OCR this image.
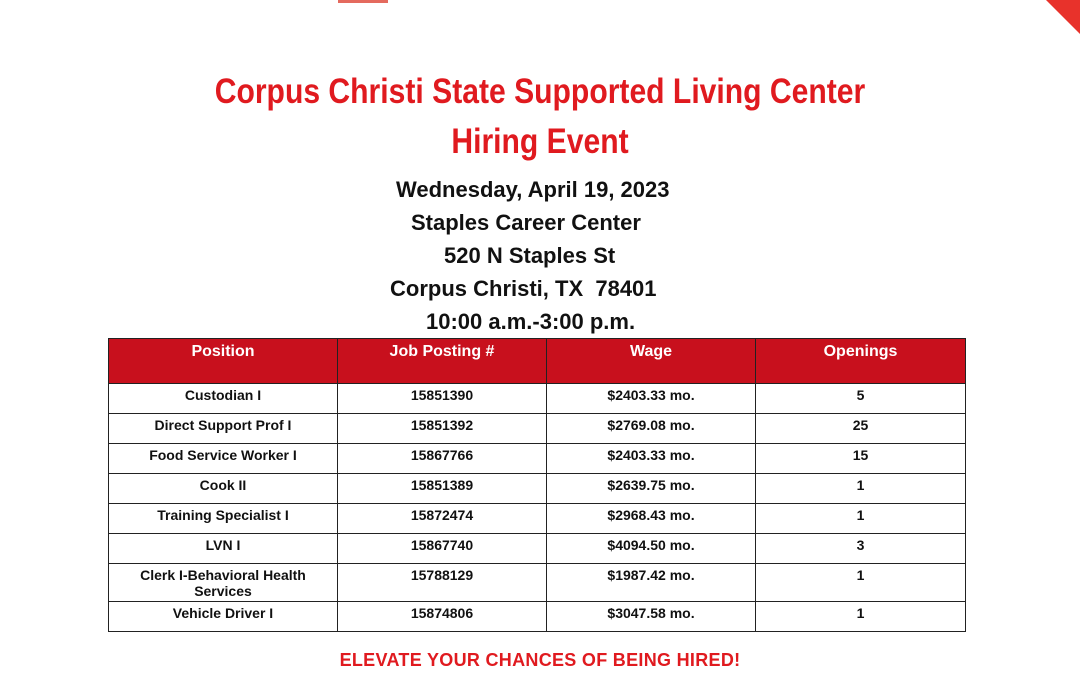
Corpus Christi State Supported Living Center
Hiring Event

Wednesday, April 19, 2023

Staples Career Center

520 N Staples St

Corpus Christi, TX  78401

10:00 a.m.-3:00 p.m.

Position	Job Posting #	Wage	Openings
Custodian I	15851390	$2403.33 mo.	5
Direct Support Prof I	15851392	$2769.08 mo.	25
Food Service Worker I	15867766	$2403.33 mo.	15
Cook II	15851389	$2639.75 mo.	1
Training Specialist I	15872474	$2968.43 mo.	1
LVN I	15867740	$4094.50 mo.	3
Clerk I-Behavioral Health Services	15788129	$1987.42 mo.	1
Vehicle Driver I	15874806	$3047.58 mo.	1
ELEVATE YOUR CHANCES OF BEING HIRED!
